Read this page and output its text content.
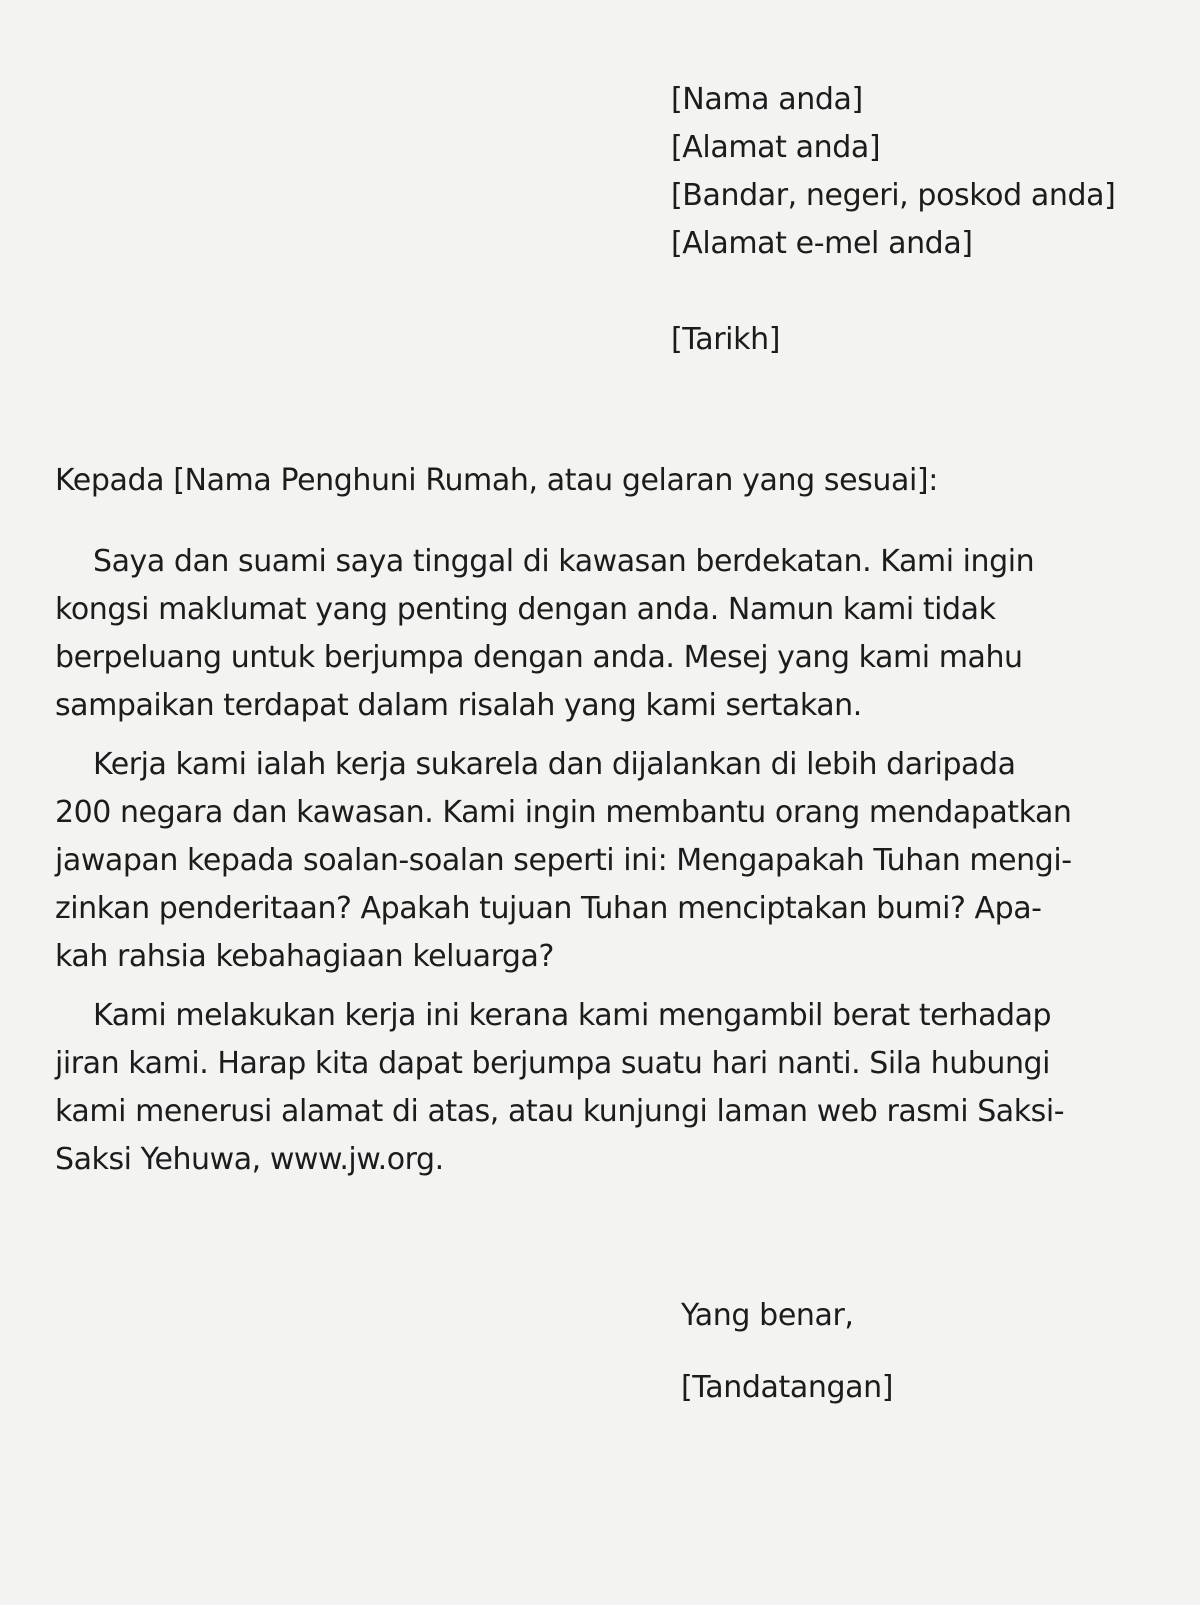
[Nama anda]
[Alamat anda]
[Bandar, negeri, poskod anda]
[Alamat e-mel anda]
[Tarikh]
Kepada [Nama Penghuni Rumah, atau gelaran yang sesuai]:

Saya dan suami saya tinggal di kawasan berdekatan. Kami ingin
kongsi maklumat yang penting dengan anda. Namun kami tidak
berpeluang untuk berjumpa dengan anda. Mesej yang kami mahu
sampaikan terdapat dalam risalah yang kami sertakan.

Kerja kami ialah kerja sukarela dan dijalankan di lebih daripada
200 negara dan kawasan. Kami ingin membantu orang mendapatkan
jawapan kepada soalan-soalan seperti ini: Mengapakah Tuhan mengi-
zinkan penderitaan? Apakah tujuan Tuhan menciptakan bumi? Apa-
kah rahsia kebahagiaan keluarga?

Kami melakukan kerja ini kerana kami mengambil berat terhadap
jiran kami. Harap kita dapat berjumpa suatu hari nanti. Sila hubungi
kami menerusi alamat di atas, atau kunjungi laman web rasmi Saksi-
Saksi Yehuwa, www.jw.org.

Yang benar,
[Tandatangan]
